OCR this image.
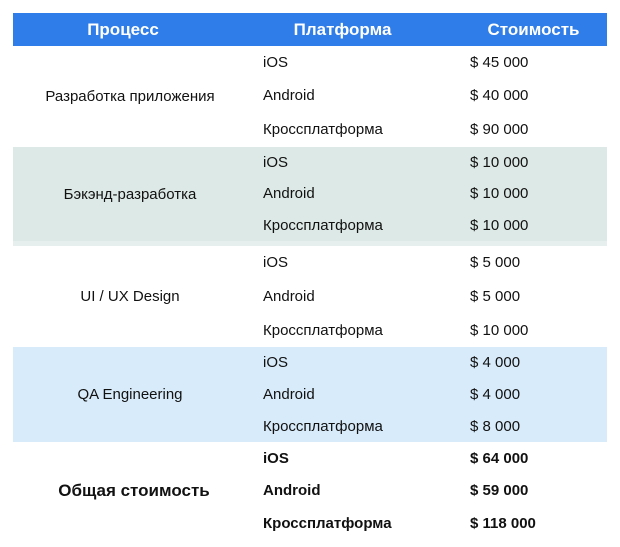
Процесс	Платформа	Стоимость
Разработка приложения
iOS	$ 45 000
Android	$ 40 000
Кроссплатформа	$ 90 000
Бэкэнд-разработка
iOS	$ 10 000
Android	$ 10 000
Кроссплатформа	$ 10 000
UI / UX Design
iOS	$ 5 000
Android	$ 5 000
Кроссплатформа	$ 10 000
QA Engineering
iOS	$ 4 000
Android	$ 4 000
Кроссплатформа	$ 8 000
Общая стоимость
iOS	$ 64 000
Android	$ 59 000
Кроссплатформа	$ 118 000
